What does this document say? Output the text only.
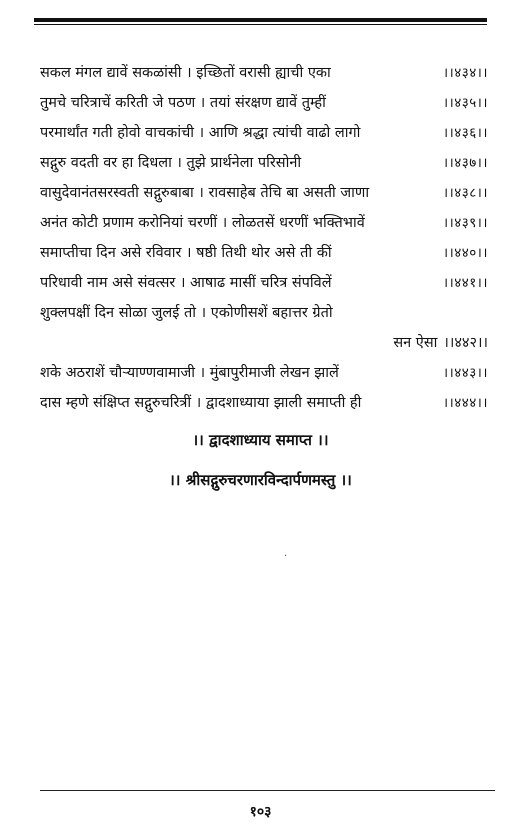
सकल मंगल द्यावें सकळांसी । इच्छितों वरासी ह्याची एका	।।४३४।।
तुमचे चरित्राचें करिती जे पठण । तयां संरक्षण द्यावें तुम्हीं	।।४३५।।
परमार्थांत गती होवो वाचकांची । आणि श्रद्धा त्यांची वाढो लागो	।।४३६।।
सद्गुरु वदती वर हा दिधला । तुझे प्रार्थनेला परिसोनी	।।४३७।।
वासुदेवानंतसरस्वती सद्गुरुबाबा । रावसाहेब तेचि बा असती जाणा	।।४३८।।
अनंत कोटी प्रणाम करोनियां चरणीं । लोळतसें धरणीं भक्तिभावें	।।४३९।।
समाप्तीचा दिन असे रविवार । षष्ठी तिथी थोर असे ती कीं	।।४४०।।
परिधावी नाम असे संवत्सर । आषाढ मासीं चरित्र संपविलें	।।४४१।।
शुक्लपक्षीं दिन सोळा जुलई तो । एकोणीसशें बहात्तर ग्रेतो
सन ऐसा ।।४४२।।
शके अठराशें चौऱ्याण्णवामाजी । मुंबापुरीमाजी लेखन झालें	।।४४३।।
दास म्हणे संक्षिप्त सद्गुरुचरित्रीं । द्वादशाध्याया झाली समाप्ती ही	।।४४४।।
।। द्वादशाध्याय समाप्त ।।
।। श्रीसद्गुरुचरणारविन्दार्पणमस्तु ।।
.
१०३
